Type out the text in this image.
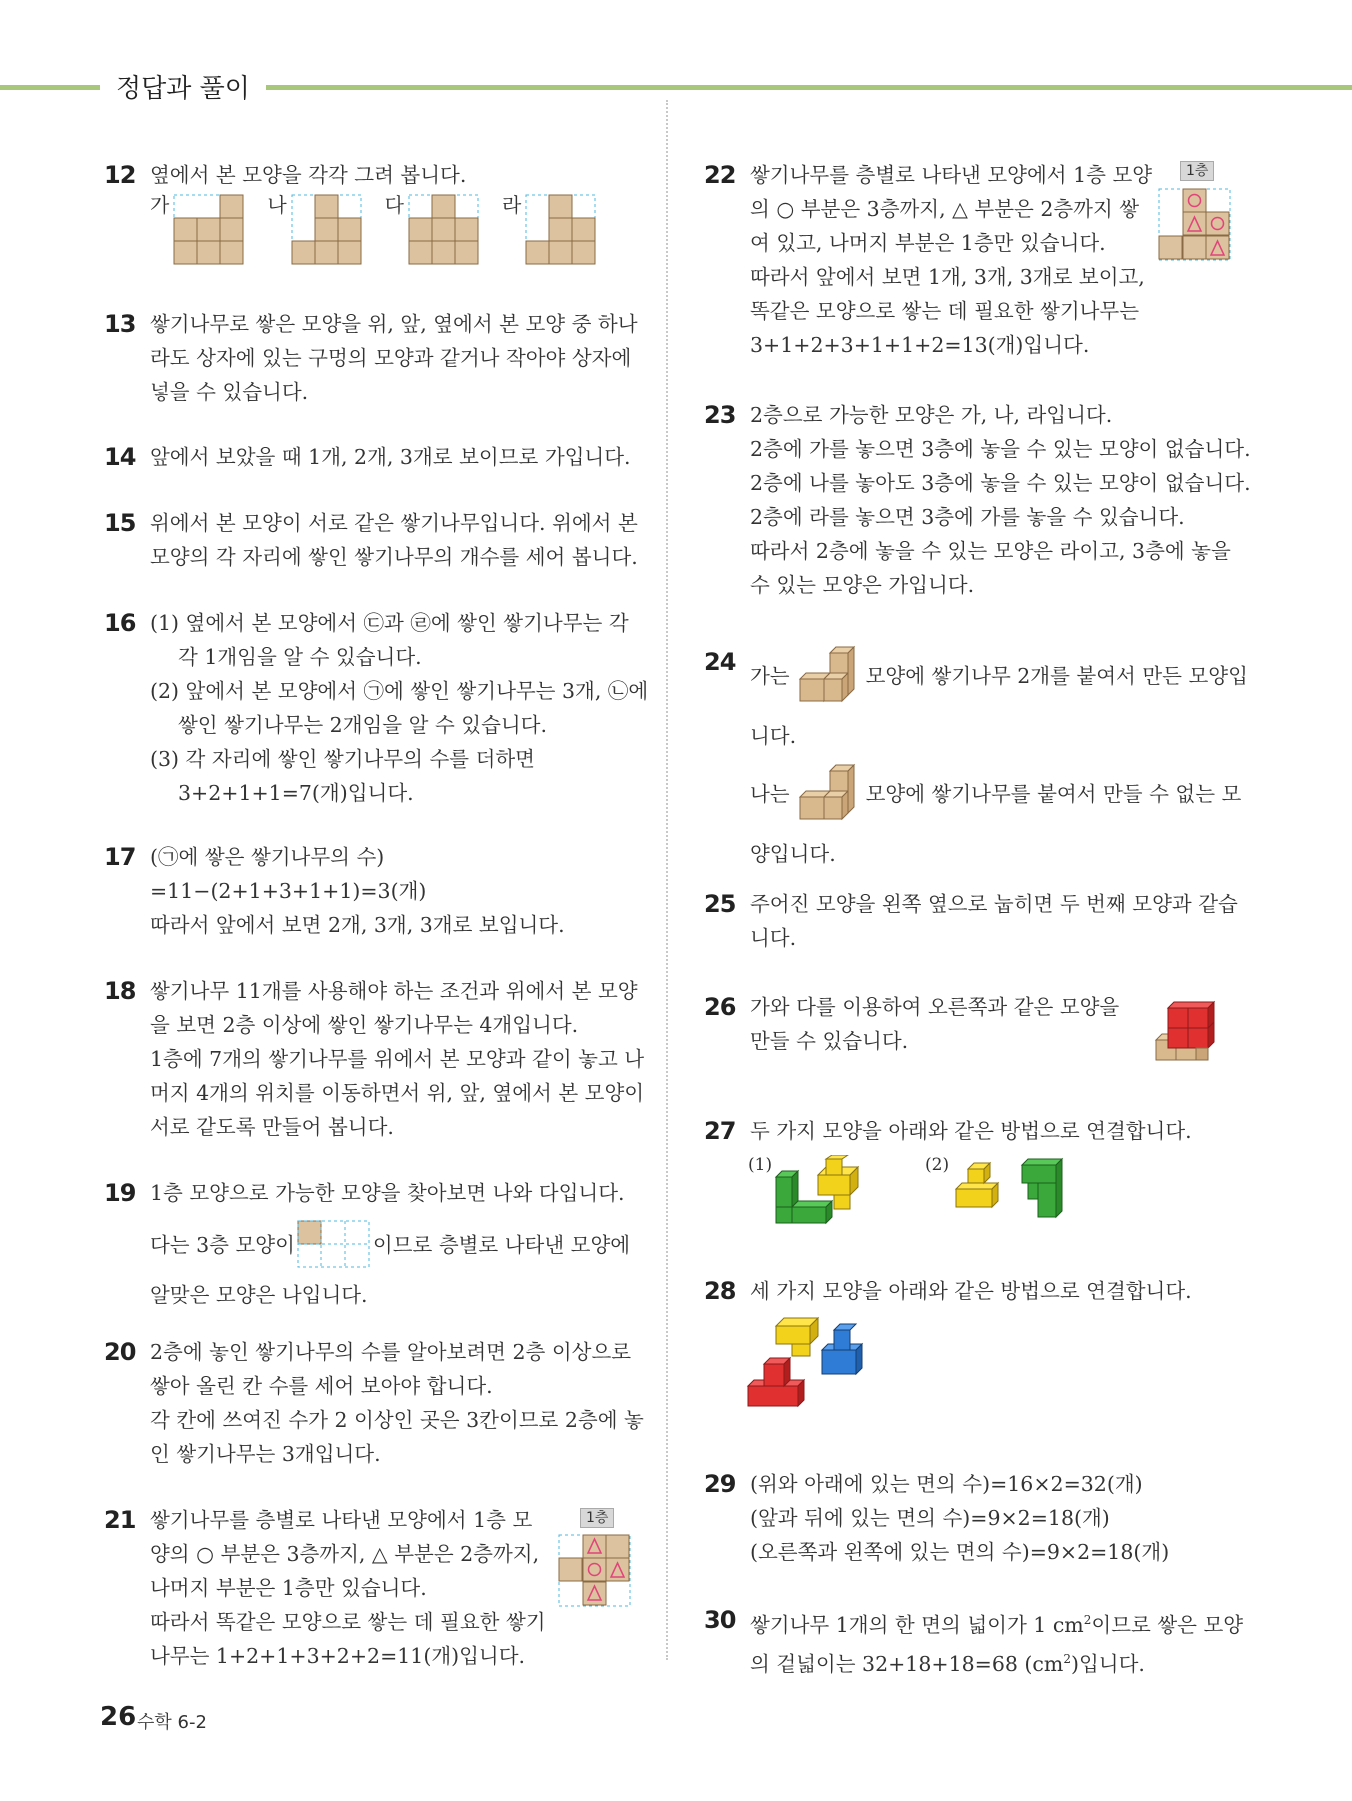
정답과 풀이
12 옆에서 본 모양을 각각 그려 봅니다.

가	나	다	라
13 쌓기나무로 쌓은 모양을 위, 앞, 옆에서 본 모양 중 하나

라도 상자에 있는 구멍의 모양과 같거나 작아야 상자에

넣을 수 있습니다.

14 앞에서 보았을 때 1개, 2개, 3개로 보이므로 가입니다.

15 위에서 본 모양이 서로 같은 쌓기나무입니다. 위에서 본

모양의 각 자리에 쌓인 쌓기나무의 개수를 세어 봅니다.

16 (1) 옆에서 본 모양에서 ㉢과 ㉣에 쌓인 쌓기나무는 각

각 1개임을 알 수 있습니다.

(2) 앞에서 본 모양에서 ㉠에 쌓인 쌓기나무는 3개, ㉡에

쌓인 쌓기나무는 2개임을 알 수 있습니다.

(3) 각 자리에 쌓인 쌓기나무의 수를 더하면

3+2+1+1=7(개)입니다.

17 (㉠에 쌓은 쌓기나무의 수)

=11−(2+1+3+1+1)=3(개)

따라서 앞에서 보면 2개, 3개, 3개로 보입니다.

18 쌓기나무 11개를 사용해야 하는 조건과 위에서 본 모양

을 보면 2층 이상에 쌓인 쌓기나무는 4개입니다.

1층에 7개의 쌓기나무를 위에서 본 모양과 같이 놓고 나

머지 4개의 위치를 이동하면서 위, 앞, 옆에서 본 모양이

서로 같도록 만들어 봅니다.

19 1층 모양으로 가능한 모양을 찾아보면 나와 다입니다.

다는 3층 모양이	이므로 층별로 나타낸 모양에

알맞은 모양은 나입니다.

20 2층에 놓인 쌓기나무의 수를 알아보려면 2층 이상으로

쌓아 올린 칸 수를 세어 보아야 합니다.

각 칸에 쓰여진 수가 2 이상인 곳은 3칸이므로 2층에 놓

인 쌓기나무는 3개입니다.

21 쌓기나무를 층별로 나타낸 모양에서 1층 모

양의 ○ 부분은 3층까지, △ 부분은 2층까지,

나머지 부분은 1층만 있습니다.

따라서 똑같은 모양으로 쌓는 데 필요한 쌓기

나무는 1+2+1+3+2+2=11(개)입니다.

1층
22 쌓기나무를 층별로 나타낸 모양에서 1층 모양

의 ○ 부분은 3층까지, △ 부분은 2층까지 쌓

여 있고, 나머지 부분은 1층만 있습니다.

따라서 앞에서 보면 1개, 3개, 3개로 보이고,

똑같은 모양으로 쌓는 데 필요한 쌓기나무는

3+1+2+3+1+1+2=13(개)입니다.

1층
23 2층으로 가능한 모양은 가, 나, 라입니다.

2층에 가를 놓으면 3층에 놓을 수 있는 모양이 없습니다.

2층에 나를 놓아도 3층에 놓을 수 있는 모양이 없습니다.

2층에 라를 놓으면 3층에 가를 놓을 수 있습니다.

따라서 2층에 놓을 수 있는 모양은 라이고, 3층에 놓을

수 있는 모양은 가입니다.

24 가는	모양에 쌓기나무 2개를 붙여서 만든 모양입

니다.

나는	모양에 쌓기나무를 붙여서 만들 수 없는 모

양입니다.

25 주어진 모양을 왼쪽 옆으로 눕히면 두 번째 모양과 같습

니다.

26 가와 다를 이용하여 오른쪽과 같은 모양을

만들 수 있습니다.

27 두 가지 모양을 아래와 같은 방법으로 연결합니다.

(1)	(2)
28 세 가지 모양을 아래와 같은 방법으로 연결합니다.

29 (위와 아래에 있는 면의 수)=16×2=32(개)

(앞과 뒤에 있는 면의 수)=9×2=18(개)

(오른쪽과 왼쪽에 있는 면의 수)=9×2=18(개)

30 쌓기나무 1개의 한 면의 넓이가 1 $cm^2$이므로 쌓은 모양

의 겉넓이는 32+18+18=68 $(cm^2)$입니다.

26 수학 6-2
